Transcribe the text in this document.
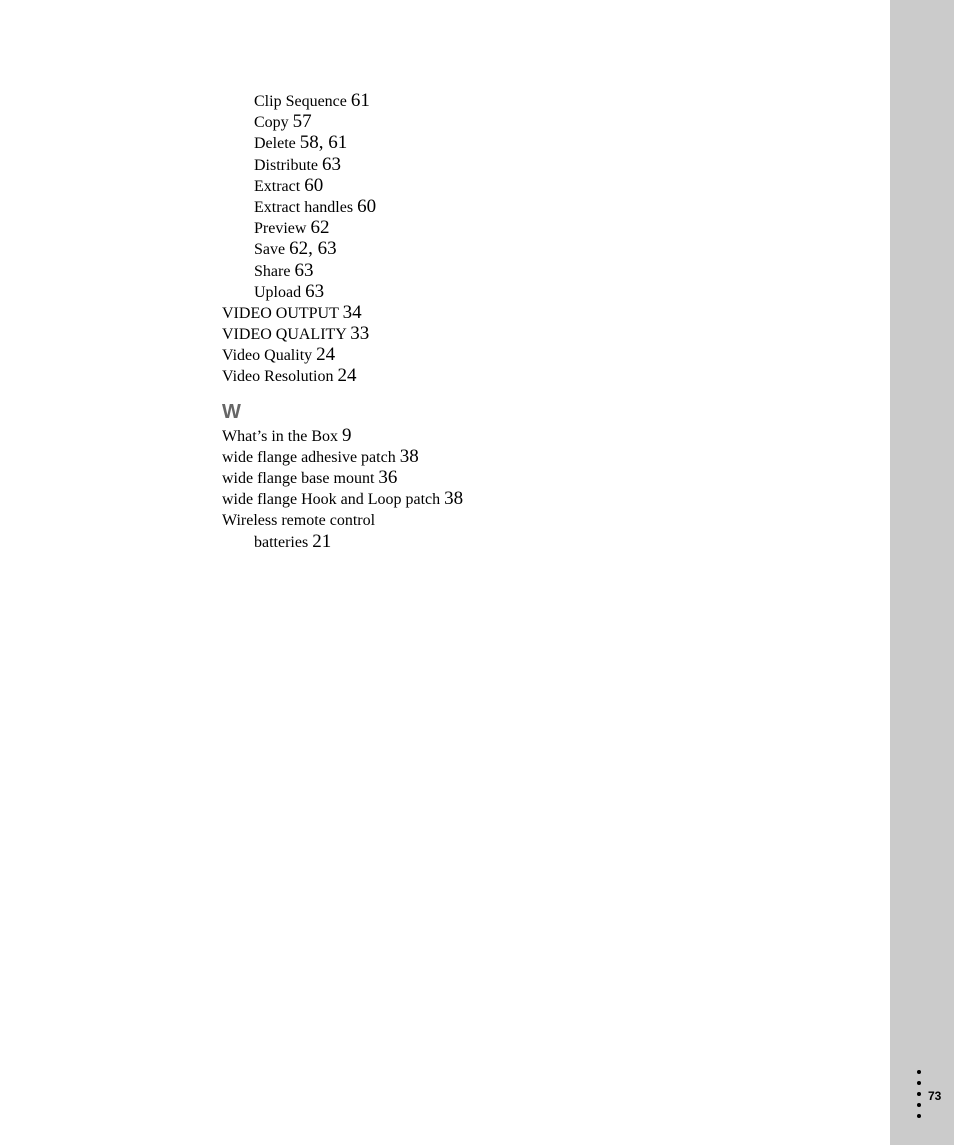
Clip Sequence 61
Copy 57
Delete 58, 61
Distribute 63
Extract 60
Extract handles 60
Preview 62
Save 62, 63
Share 63
Upload 63
VIDEO OUTPUT 34
VIDEO QUALITY 33
Video Quality 24
Video Resolution 24
W
What’s in the Box 9
wide flange adhesive patch 38
wide flange base mount 36
wide flange Hook and Loop patch 38
Wireless remote control
batteries 21
73
